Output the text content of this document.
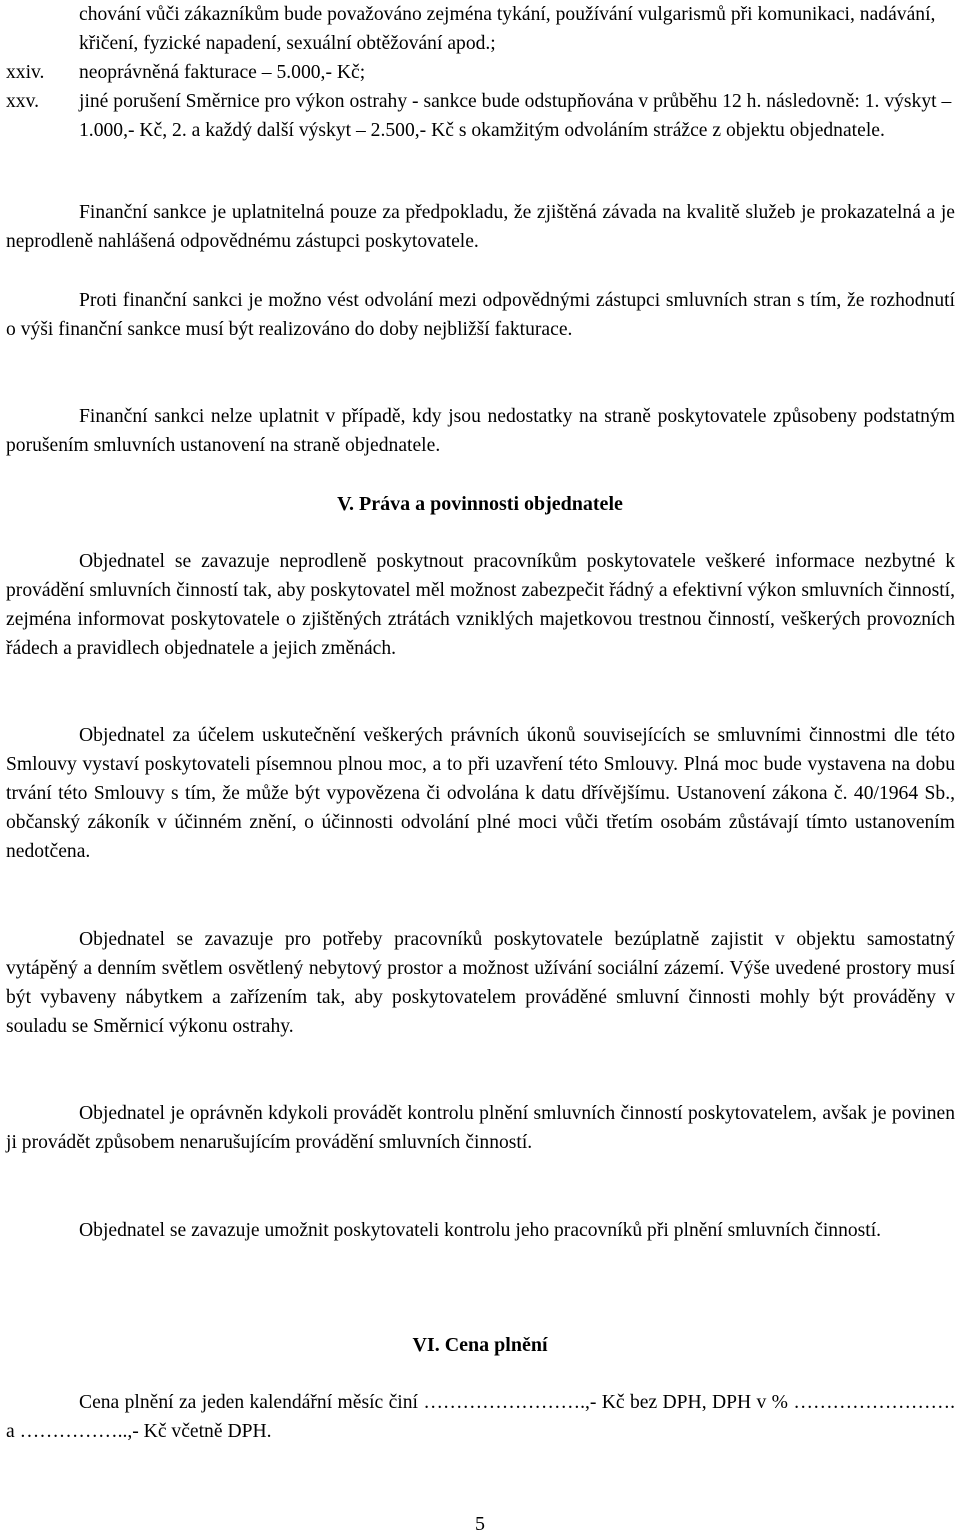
chování vůči zákazníkům bude považováno zejména tykání, používání vulgarismů při komunikaci, nadávání, křičení, fyzické napadení, sexuální obtěžování apod.;
xxiv. neoprávněná fakturace – 5.000,- Kč;
xxv. jiné porušení Směrnice pro výkon ostrahy - sankce bude odstupňována v průběhu 12 h. následovně: 1. výskyt – 1.000,- Kč, 2. a každý další výskyt – 2.500,- Kč s okamžitým odvoláním strážce z objektu objednatele.

Finanční sankce je uplatnitelná pouze za předpokladu, že zjištěná závada na kvalitě služeb je prokazatelná a je neprodleně nahlášená odpovědnému zástupci poskytovatele.

Proti finanční sankci je možno vést odvolání mezi odpovědnými zástupci smluvních stran s tím, že rozhodnutí o výši finanční sankce musí být realizováno do doby nejbližší fakturace.

Finanční sankci nelze uplatnit v případě, kdy jsou nedostatky na straně poskytovatele způsobeny podstatným porušením smluvních ustanovení na straně objednatele.

V. Práva a povinnosti objednatele

Objednatel se zavazuje neprodleně poskytnout pracovníkům poskytovatele veškeré informace nezbytné k provádění smluvních činností tak, aby poskytovatel měl možnost zabezpečit řádný a efektivní výkon smluvních činností, zejména informovat poskytovatele o zjištěných ztrátách vzniklých majetkovou trestnou činností, veškerých provozních řádech a pravidlech objednatele a jejich změnách.

Objednatel za účelem uskutečnění veškerých právních úkonů souvisejících se smluvními činnostmi dle této Smlouvy vystaví poskytovateli písemnou plnou moc, a to při uzavření této Smlouvy. Plná moc bude vystavena na dobu trvání této Smlouvy s tím, že může být vypovězena či odvolána k datu dřívějšímu. Ustanovení zákona č. 40/1964 Sb., občanský zákoník v účinném znění, o účinnosti odvolání plné moci vůči třetím osobám zůstávají tímto ustanovením nedotčena.

Objednatel se zavazuje pro potřeby pracovníků poskytovatele bezúplatně zajistit v objektu samostatný vytápěný a denním světlem osvětlený nebytový prostor a možnost užívání sociální zázemí. Výše uvedené prostory musí být vybaveny nábytkem a zařízením tak, aby poskytovatelem prováděné smluvní činnosti mohly být prováděny v souladu se Směrnicí výkonu ostrahy.

Objednatel je oprávněn kdykoli provádět kontrolu plnění smluvních činností poskytovatelem, avšak je povinen ji provádět způsobem nenarušujícím provádění smluvních činností.

Objednatel se zavazuje umožnit poskytovateli kontrolu jeho pracovníků při plnění smluvních činností.

VI. Cena plnění

Cena plnění za jeden kalendářní měsíc činí …………………….,- Kč bez DPH, DPH v % ……………………. a ……………..,- Kč včetně DPH.

5
